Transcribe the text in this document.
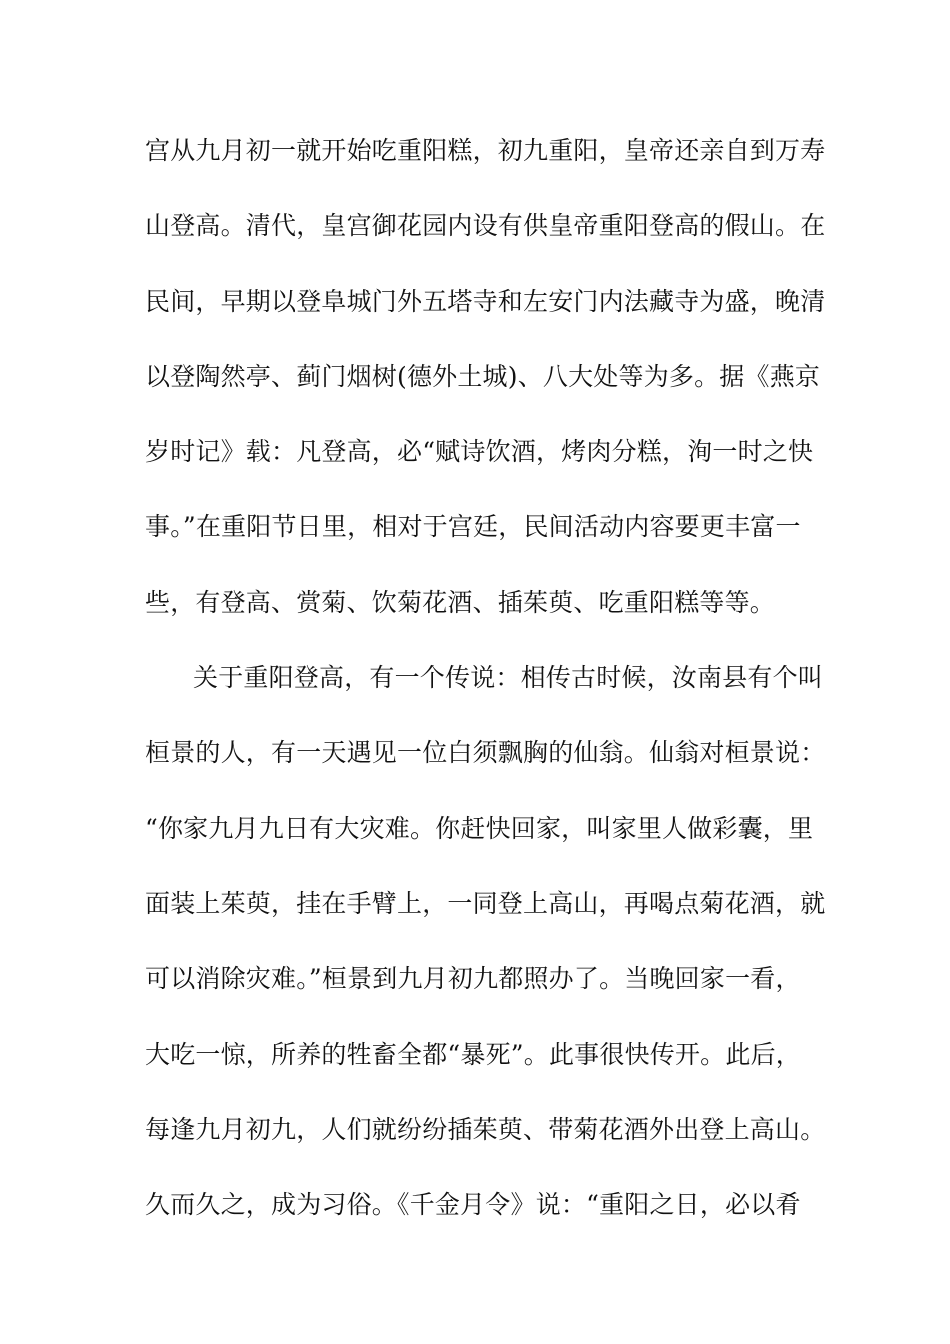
宫从九月初一就开始吃重阳糕，初九重阳，皇帝还亲自到万寿
山登高。清代，皇宫御花园内设有供皇帝重阳登高的假山。在
民间，早期以登阜城门外五塔寺和左安门内法藏寺为盛，晚清
以登陶然亭、蓟门烟树(德外土城)、八大处等为多。据《燕京
岁时记》载：凡登高，必“赋诗饮酒，烤肉分糕，洵一时之快
事。”在重阳节日里，相对于宫廷，民间活动内容要更丰富一
些，有登高、赏菊、饮菊花酒、插茱萸、吃重阳糕等等。
关于重阳登高，有一个传说：相传古时候，汝南县有个叫
桓景的人，有一天遇见一位白须飘胸的仙翁。仙翁对桓景说：
“你家九月九日有大灾难。你赶快回家，叫家里人做彩囊，里
面装上茱萸，挂在手臂上，一同登上高山，再喝点菊花酒，就
可以消除灾难。”桓景到九月初九都照办了。当晚回家一看，
大吃一惊，所养的牲畜全都“暴死”。此事很快传开。此后，
每逢九月初九，人们就纷纷插茱萸、带菊花酒外出登上高山。
久而久之，成为习俗。《千金月令》说：“重阳之日，必以肴
